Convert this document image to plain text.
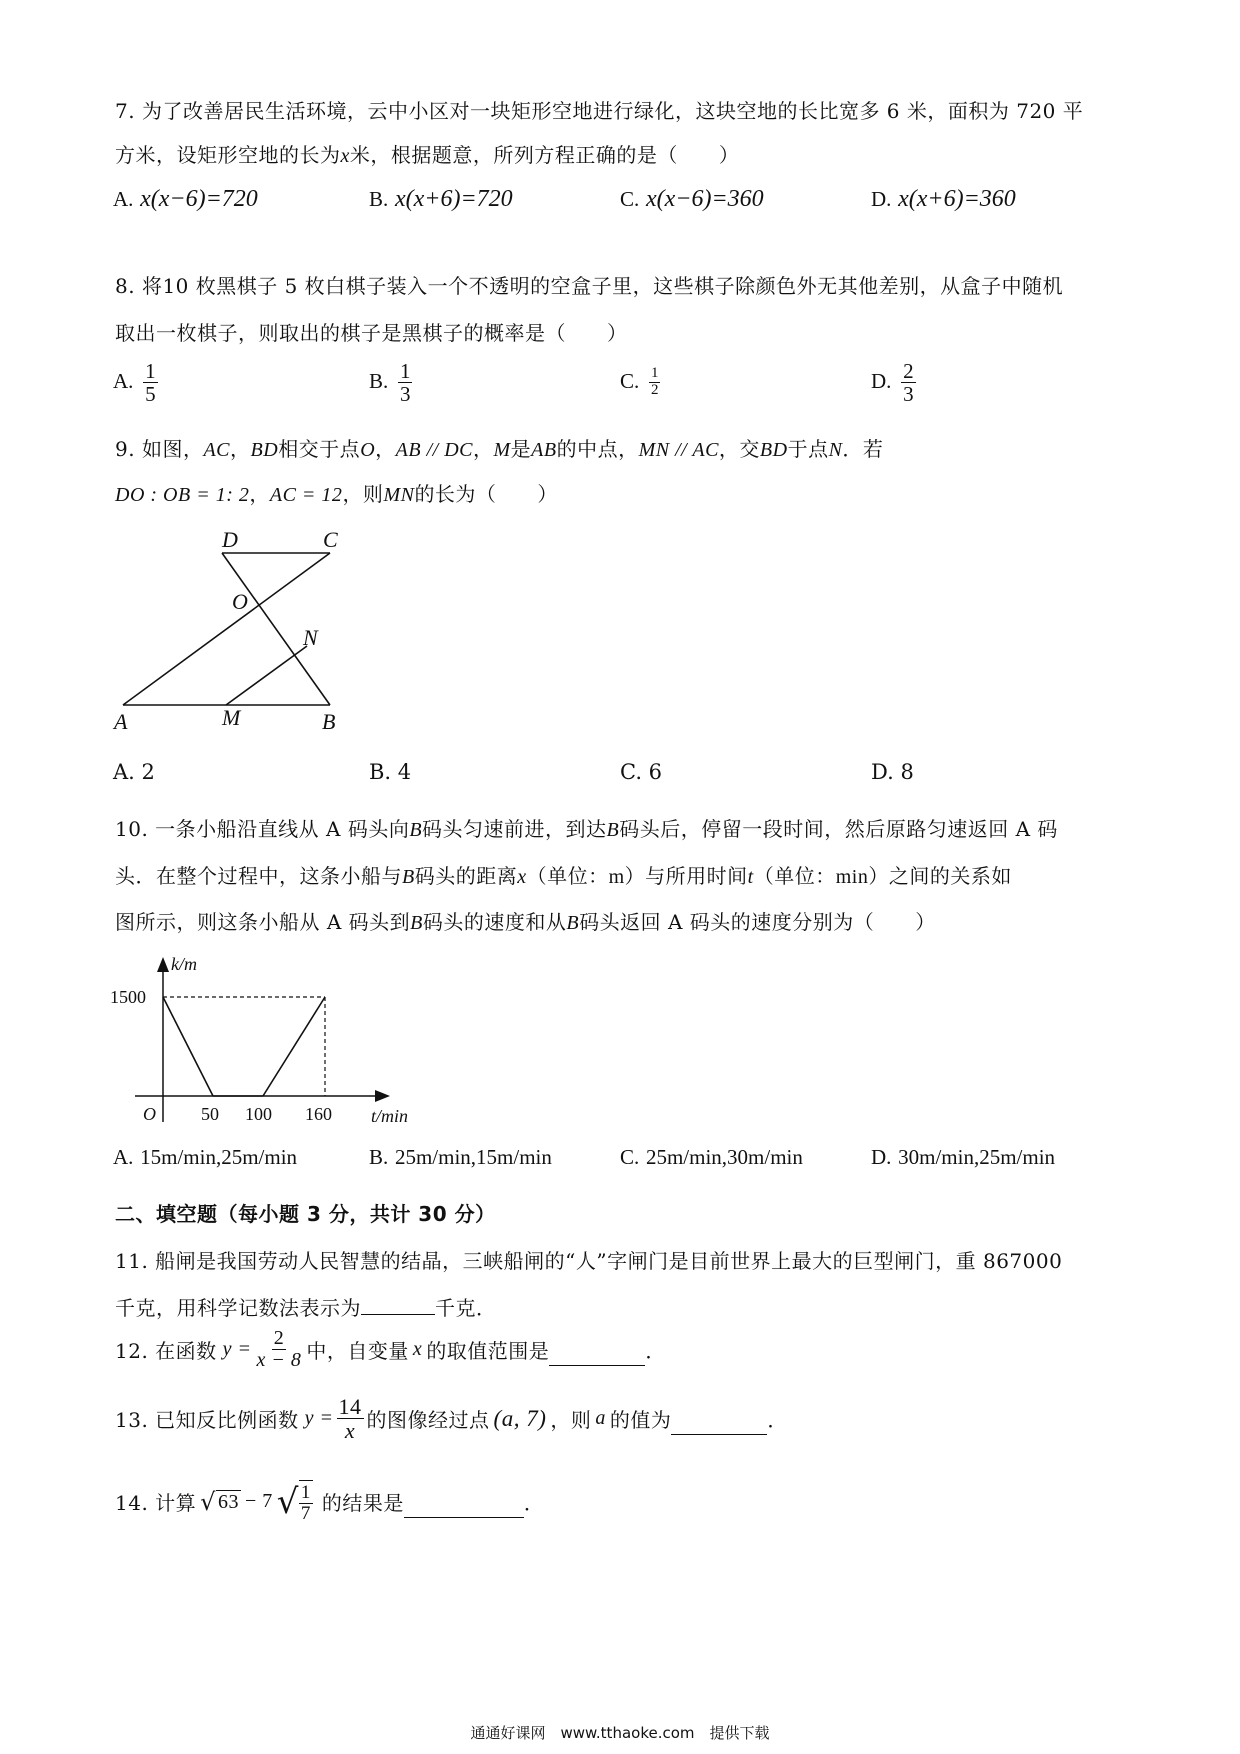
7. 为了改善居民生活环境，云中小区对一块矩形空地进行绿化，这块空地的长比宽多 6 米，面积为 720 平
方米，设矩形空地的长为x米，根据题意，所列方程正确的是（　　）
A. x(x−6)=720	B. x(x+6)=720	C. x(x−6)=360	D. x(x+6)=360
8. 将10 枚黑棋子 5 枚白棋子装入一个不透明的空盒子里，这些棋子除颜色外无其他差别，从盒子中随机
取出一枚棋子，则取出的棋子是黑棋子的概率是（　　）
A. $\frac{1}{5}$	B. $\frac{1}{3}$	C. $\frac{1}{2}$	D. $\frac{2}{3}$
9. 如图，AC，BD相交于点O，AB // DC，M是AB的中点，MN // AC，交BD于点N．若
DO : OB = 1: 2，AC = 12，则MN的长为（　　）
D	C
O
N
A	M	B
A. 2	B. 4	C. 6	D. 8
10. 一条小船沿直线从 A 码头向B码头匀速前进，到达B码头后，停留一段时间，然后原路匀速返回 A 码
头．在整个过程中，这条小船与B码头的距离x（单位：m）与所用时间t（单位：min）之间的关系如
图所示，则这条小船从 A 码头到B码头的速度和从B码头返回 A 码头的速度分别为（　　）
k/m
1500
O	50 100 160 t/min
A. 15m/min,25m/min	B. 25m/min,15m/min	C. 25m/min,30m/min	D. 30m/min,25m/min
二、填空题（每小题 3 分，共计 30 分）
11. 船闸是我国劳动人民智慧的结晶，三峡船闸的“人”字闸门是目前世界上最大的巨型闸门，重 867000
千克，用科学记数法表示为	千克．
12. 在函数 $y = \frac{2}{x - 8}$ 中，自变量 x 的取值范围是	．
13. 已知反比例函数 $y = \frac{14}{x}$ 的图像经过点 (a, 7) ，则 a 的值为	．
14. 计算 √ 63 − 7 √ $\frac{1}{7}$ 的结果是	．
通通好课网　www.tthaoke.com　提供下载
